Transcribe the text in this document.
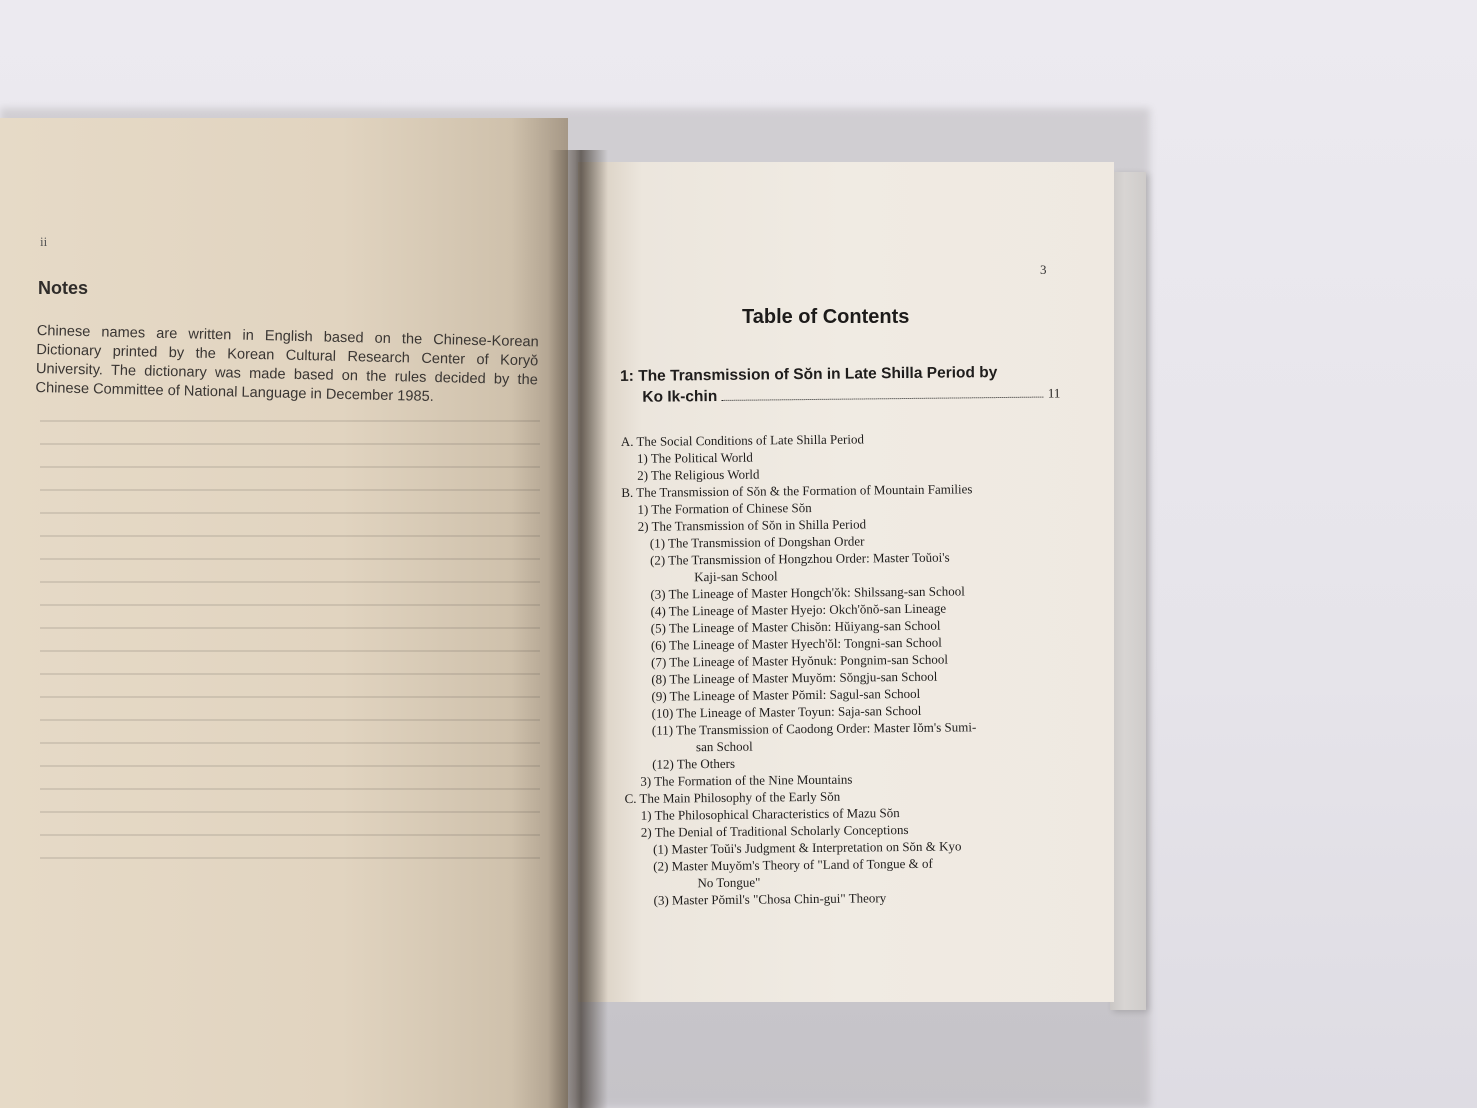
ii
Notes

Chinese names are written in English based on the Chinese-Korean Dictionary printed by the Korean Cultural Research Center of Koryŏ University. The dictionary was made based on the rules decided by the Chinese Committee of National Language in December 1985.

3
Table of Contents
1: The Transmission of Sŏn in Late Shilla Period by
Ko Ik-chin	11
A. The Social Conditions of Late Shilla Period
1) The Political World
2) The Religious World
B. The Transmission of Sŏn & the Formation of Mountain Families
1) The Formation of Chinese Sŏn
2) The Transmission of Sŏn in Shilla Period
(1) The Transmission of Dongshan Order
(2) The Transmission of Hongzhou Order: Master Toŭoi's
Kaji-san School
(3) The Lineage of Master Hongch'ŏk: Shilssang-san School
(4) The Lineage of Master Hyejo: Okch'ŏnŏ-san Lineage
(5) The Lineage of Master Chisŏn: Hŭiyang-san School
(6) The Lineage of Master Hyech'ŏl: Tongni-san School
(7) The Lineage of Master Hyŏnuk: Pongnim-san School
(8) The Lineage of Master Muyŏm: Sŏngju-san School
(9) The Lineage of Master Pŏmil: Sagul-san School
(10) The Lineage of Master Toyun: Saja-san School
(11) The Transmission of Caodong Order: Master Iŏm's Sumi-
san School
(12) The Others
3) The Formation of the Nine Mountains
C. The Main Philosophy of the Early Sŏn
1) The Philosophical Characteristics of Mazu Sŏn
2) The Denial of Traditional Scholarly Conceptions
(1) Master Toŭi's Judgment & Interpretation on Sŏn & Kyo
(2) Master Muyŏm's Theory of "Land of Tongue & of
No Tongue"
(3) Master Pŏmil's "Chosa Chin-gui" Theory
